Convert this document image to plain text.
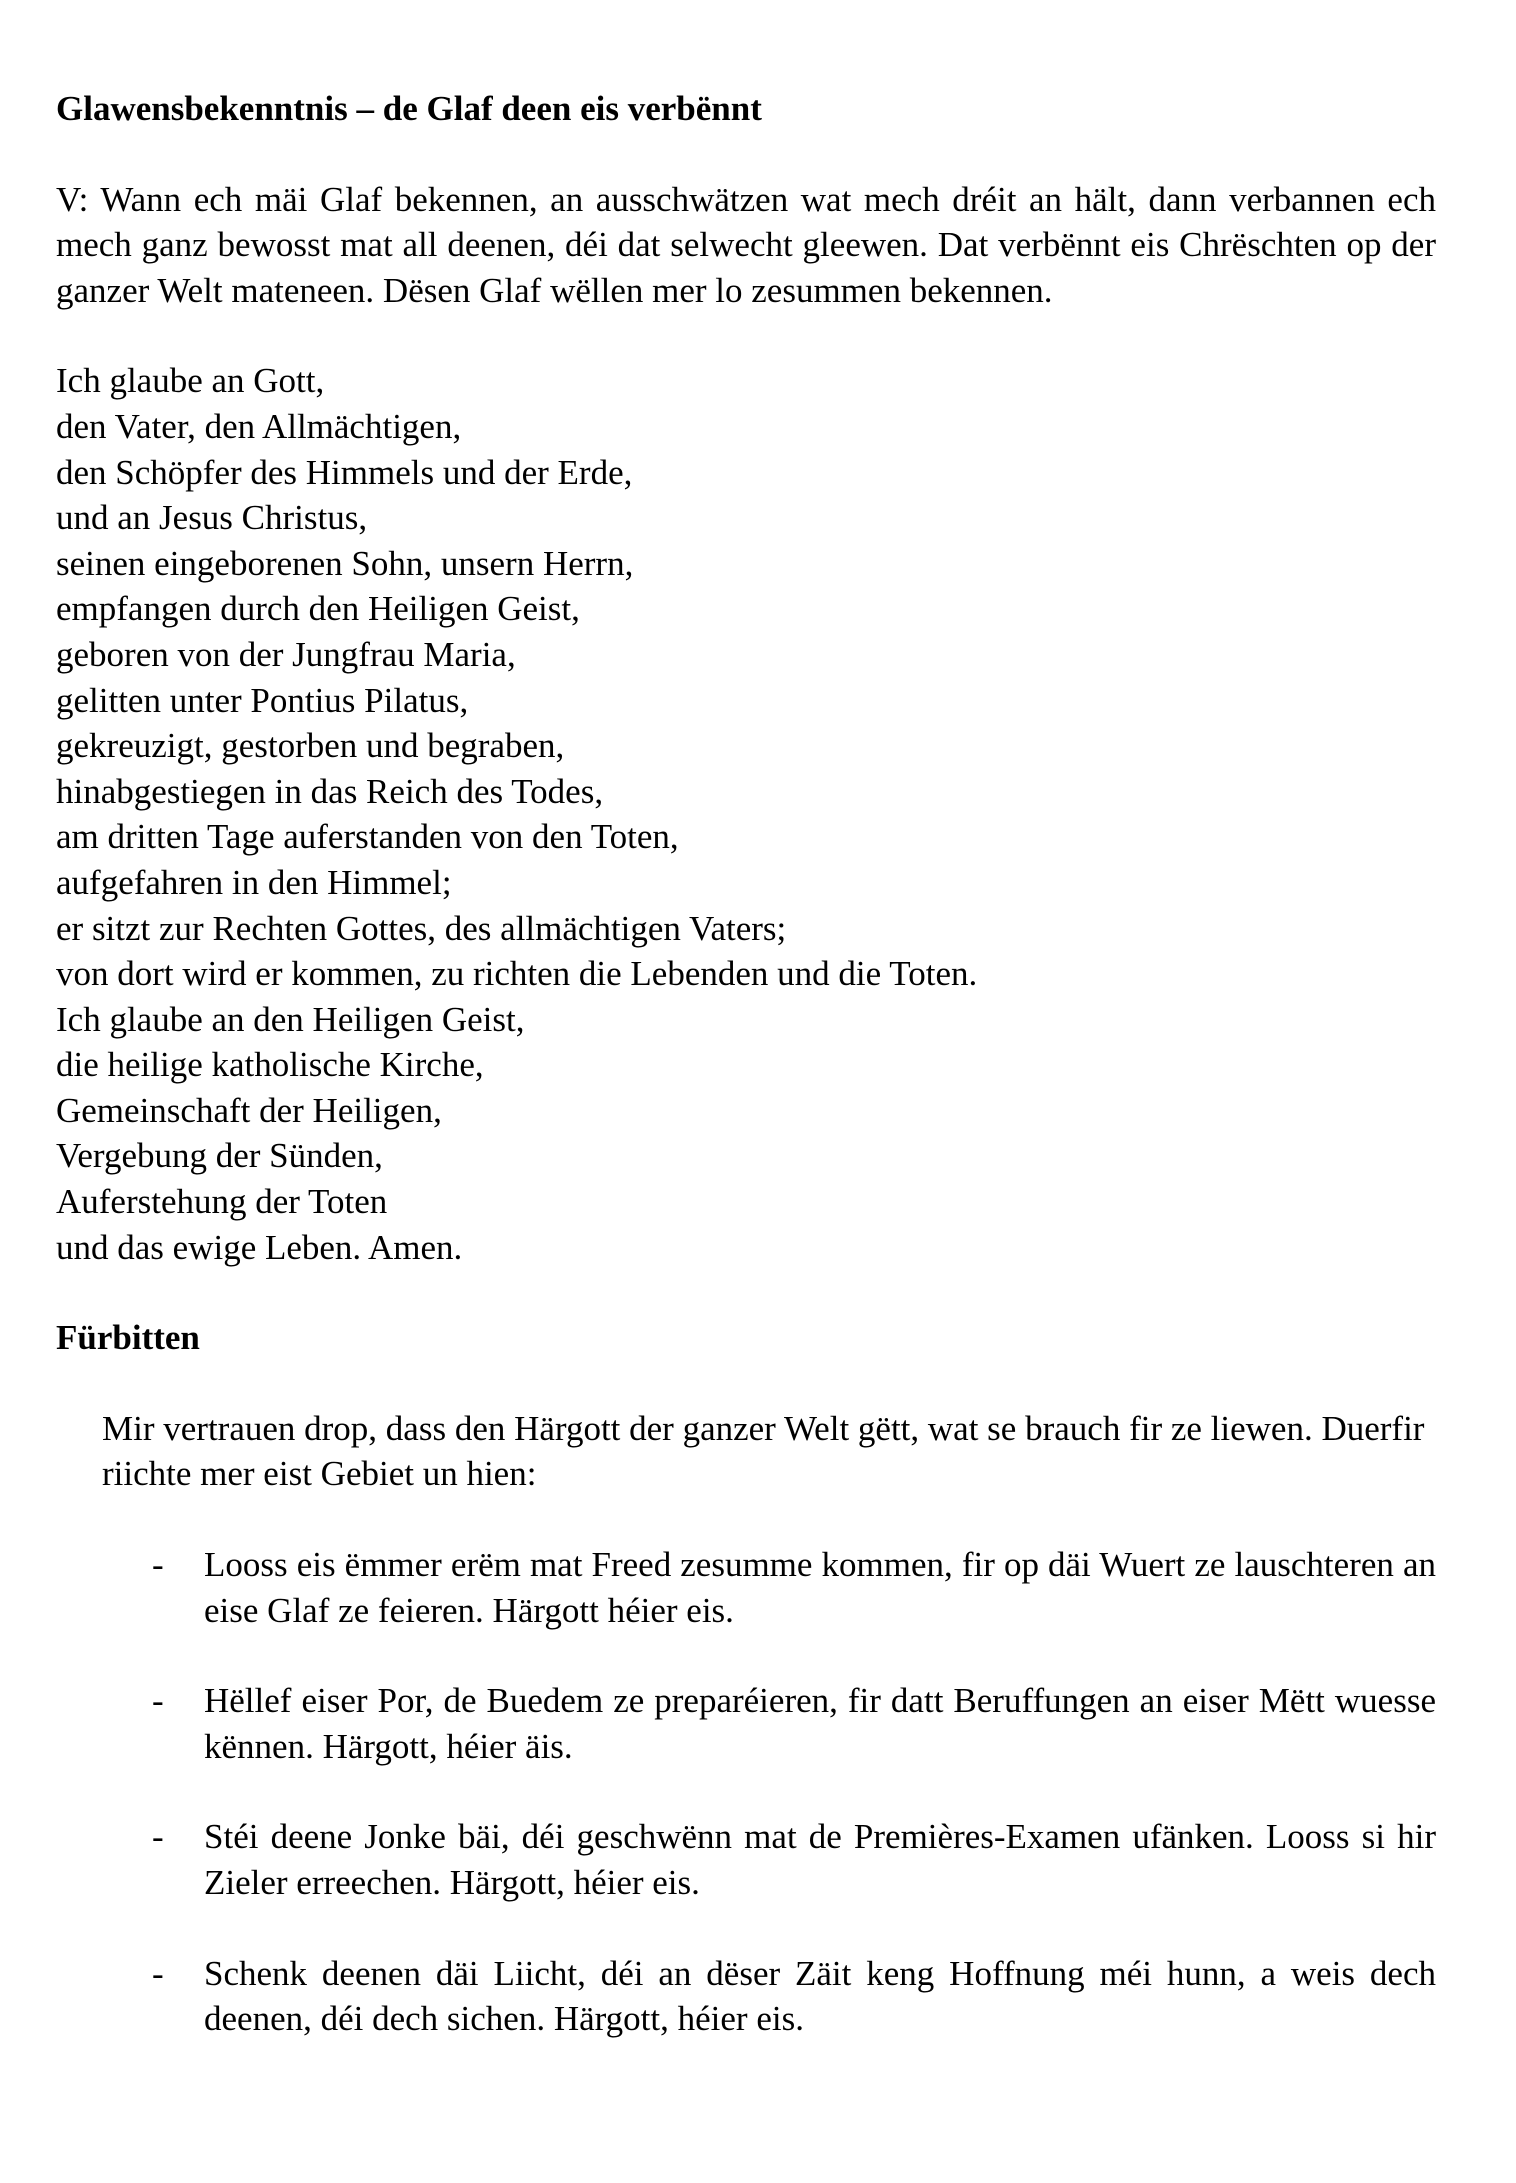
Glawensbekenntnis – de Glaf deen eis verbënnt

V: Wann ech mäi Glaf bekennen, an ausschwätzen wat mech dréit an hält, dann verbannen ech mech ganz bewosst mat all deenen, déi dat selwecht gleewen. Dat verbënnt eis Chrëschten op der ganzer Welt mateneen. Dësen Glaf wëllen mer lo zesummen bekennen.

Ich glaube an Gott,
den Vater, den Allmächtigen,
den Schöpfer des Himmels und der Erde,
und an Jesus Christus,
seinen eingeborenen Sohn, unsern Herrn,
empfangen durch den Heiligen Geist,
geboren von der Jungfrau Maria,
gelitten unter Pontius Pilatus,
gekreuzigt, gestorben und begraben,
hinabgestiegen in das Reich des Todes,
am dritten Tage auferstanden von den Toten,
aufgefahren in den Himmel;
er sitzt zur Rechten Gottes, des allmächtigen Vaters;
von dort wird er kommen, zu richten die Lebenden und die Toten.
Ich glaube an den Heiligen Geist,
die heilige katholische Kirche,
Gemeinschaft der Heiligen,
Vergebung der Sünden,
Auferstehung der Toten
und das ewige Leben. Amen.

Fürbitten

Mir vertrauen drop, dass den Härgott der ganzer Welt gëtt, wat se brauch fir ze liewen. Duerfir riichte mer eist Gebiet un hien:

- Looss eis ëmmer erëm mat Freed zesumme kommen, fir op däi Wuert ze lauschteren an eise Glaf ze feieren. Härgott héier eis.
- Hëllef eiser Por, de Buedem ze preparéieren, fir datt Beruffungen an eiser Mëtt wuesse kënnen. Härgott, héier äis.
- Stéi deene Jonke bäi, déi geschwënn mat de Premières-Examen ufänken. Looss si hir Zieler erreechen. Härgott, héier eis.
- Schenk deenen däi Liicht, déi an dëser Zäit keng Hoffnung méi hunn, a weis dech deenen, déi dech sichen. Härgott, héier eis.
